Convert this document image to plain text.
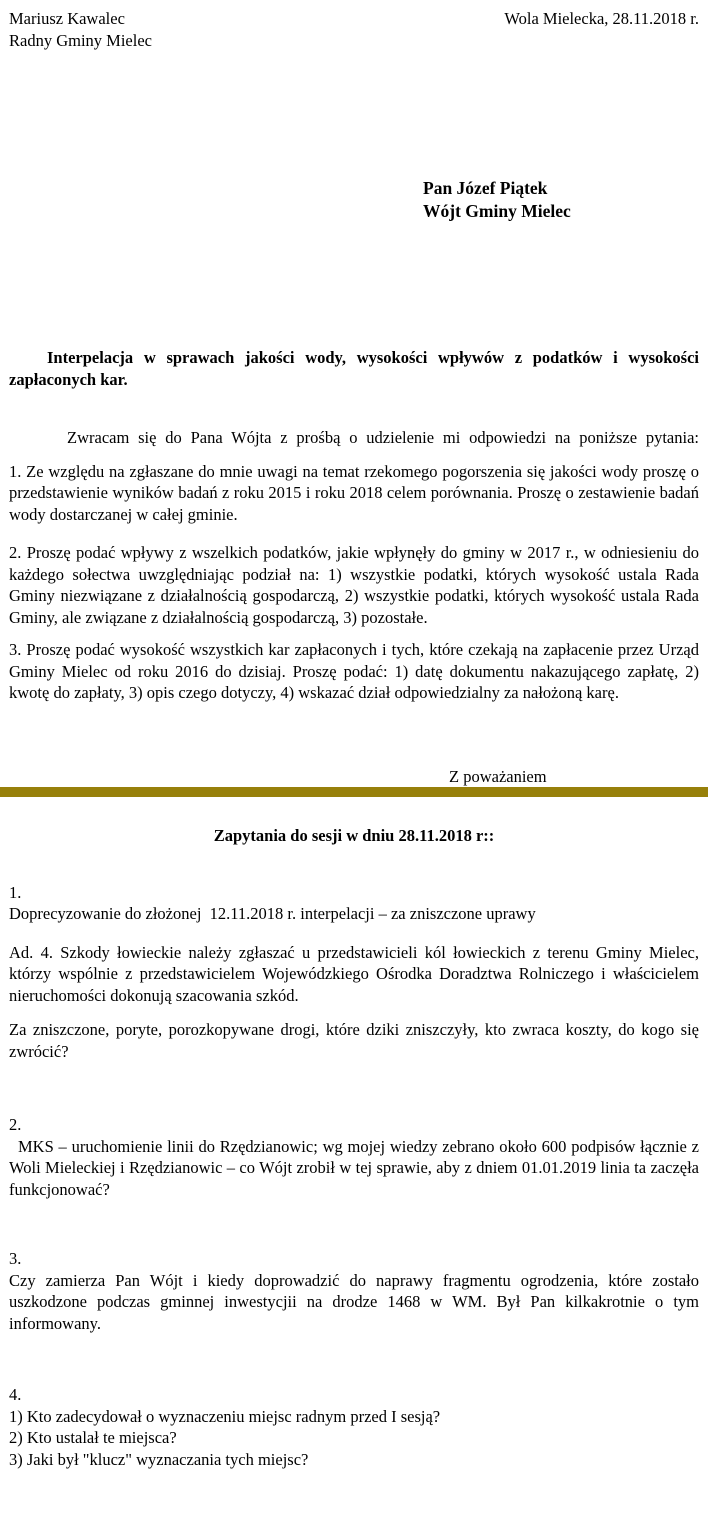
Mariusz Kawalec
Radny Gminy Mielec
Wola Mielecka, 28.11.2018 r.
Pan Józef Piątek
Wójt Gminy Mielec

Interpelacja w sprawach jakości wody, wysokości wpływów z podatków i wysokości zapłaconych kar.

Zwracam się do Pana Wójta z prośbą o udzielenie mi odpowiedzi na poniższe pytania:

1. Ze względu na zgłaszane do mnie uwagi na temat rzekomego pogorszenia się jakości wody proszę o przedstawienie wyników badań z roku 2015 i roku 2018 celem porównania. Proszę o zestawienie badań wody dostarczanej w całej gminie.

2. Proszę podać wpływy z wszelkich podatków, jakie wpłynęły do gminy w 2017 r., w odniesieniu do każdego sołectwa uwzględniając podział na: 1) wszystkie podatki, których wysokość ustala Rada Gminy niezwiązane z działalnością gospodarczą, 2) wszystkie podatki, których wysokość ustala Rada Gminy, ale związane z działalnością gospodarczą, 3) pozostałe.

3. Proszę podać wysokość wszystkich kar zapłaconych i tych, które czekają na zapłacenie przez Urząd Gminy Mielec od roku 2016 do dzisiaj. Proszę podać: 1) datę dokumentu nakazującego zapłatę, 2) kwotę do zapłaty, 3) opis czego dotyczy, 4) wskazać dział odpowiedzialny za nałożoną karę.

Z poważaniem
Zapytania do sesji w dniu 28.11.2018 r::
1.

Doprecyzowanie do złożonej  12.11.2018 r. interpelacji – za zniszczone uprawy

Ad. 4. Szkody łowieckie należy zgłaszać u przedstawicieli kól łowieckich z terenu Gminy Mielec, którzy wspólnie z przedstawicielem Wojewódzkiego Ośrodka Doradztwa Rolniczego i właścicielem nieruchomości dokonują szacowania szkód.

Za zniszczone, poryte, porozkopywane drogi, które dziki zniszczyły, kto zwraca koszty, do kogo się zwrócić?

2.

MKS – uruchomienie linii do Rzędzianowic; wg mojej wiedzy zebrano około 600 podpisów łącznie z Woli Mieleckiej i Rzędzianowic – co Wójt zrobił w tej sprawie, aby z dniem 01.01.2019 linia ta zaczęła funkcjonować?

3.

Czy zamierza Pan Wójt i kiedy doprowadzić do naprawy fragmentu ogrodzenia, które zostało uszkodzone podczas gminnej inwestycjii na drodze 1468 w WM. Był Pan kilkakrotnie o tym informowany.

4.

1) Kto zadecydował o wyznaczeniu miejsc radnym przed I sesją?

2) Kto ustalał te miejsca?

3) Jaki był "klucz" wyznaczania tych miejsc?
